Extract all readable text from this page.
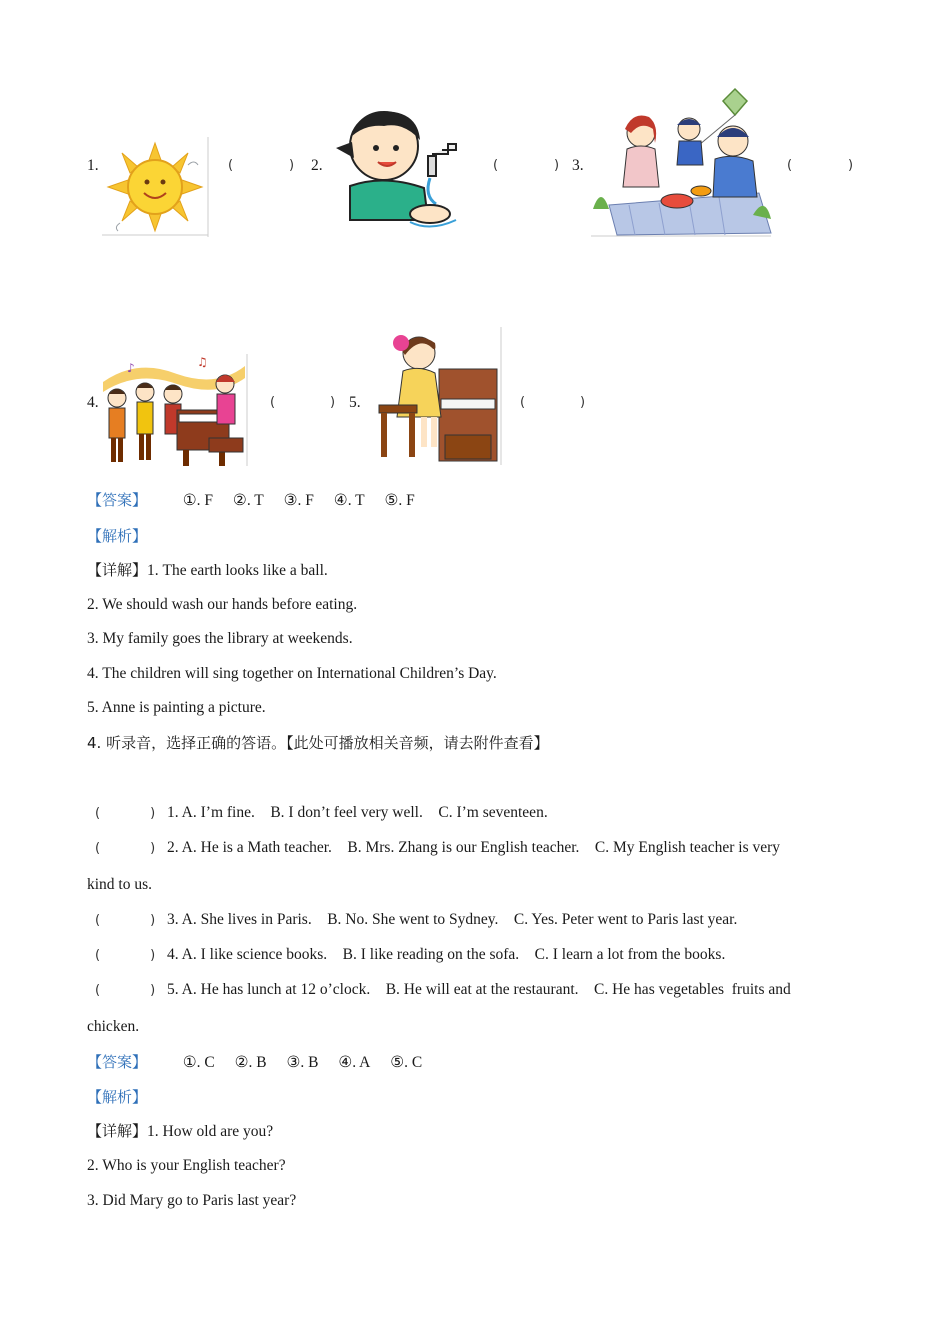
1.	(	) 2.	(	) 3.	(	)
4.
♪	♫
(	) 5.	(	)
【答案】 ①. F ②. T ③. F ④. T ⑤. F
【解析】
【详解】1. The earth looks like a ball.
2. We should wash our hands before eating.
3. My family goes the library at weekends.
4. The children will sing together on International Children’s Day.
5. Anne is painting a picture.
4. 听录音，选择正确的答语。【此处可播放相关音频，请去附件查看】
(	) 1. A. I’m fine.    B. I don’t feel very well.    C. I’m seventeen.
(	) 2. A. He is a Math teacher.    B. Mrs. Zhang is our English teacher.    C. My English teacher is very
kind to us.
(	) 3. A. She lives in Paris.    B. No. She went to Sydney.    C. Yes. Peter went to Paris last year.
(	) 4. A. I like science books.    B. I like reading on the sofa.    C. I learn a lot from the books.
(	) 5. A. He has lunch at 12 o’clock.    B. He will eat at the restaurant.    C. He has vegetables  fruits and
chicken.
【答案】 ①. C ②. B ③. B ④. A ⑤. C
【解析】
【详解】1. How old are you?
2. Who is your English teacher?
3. Did Mary go to Paris last year?
